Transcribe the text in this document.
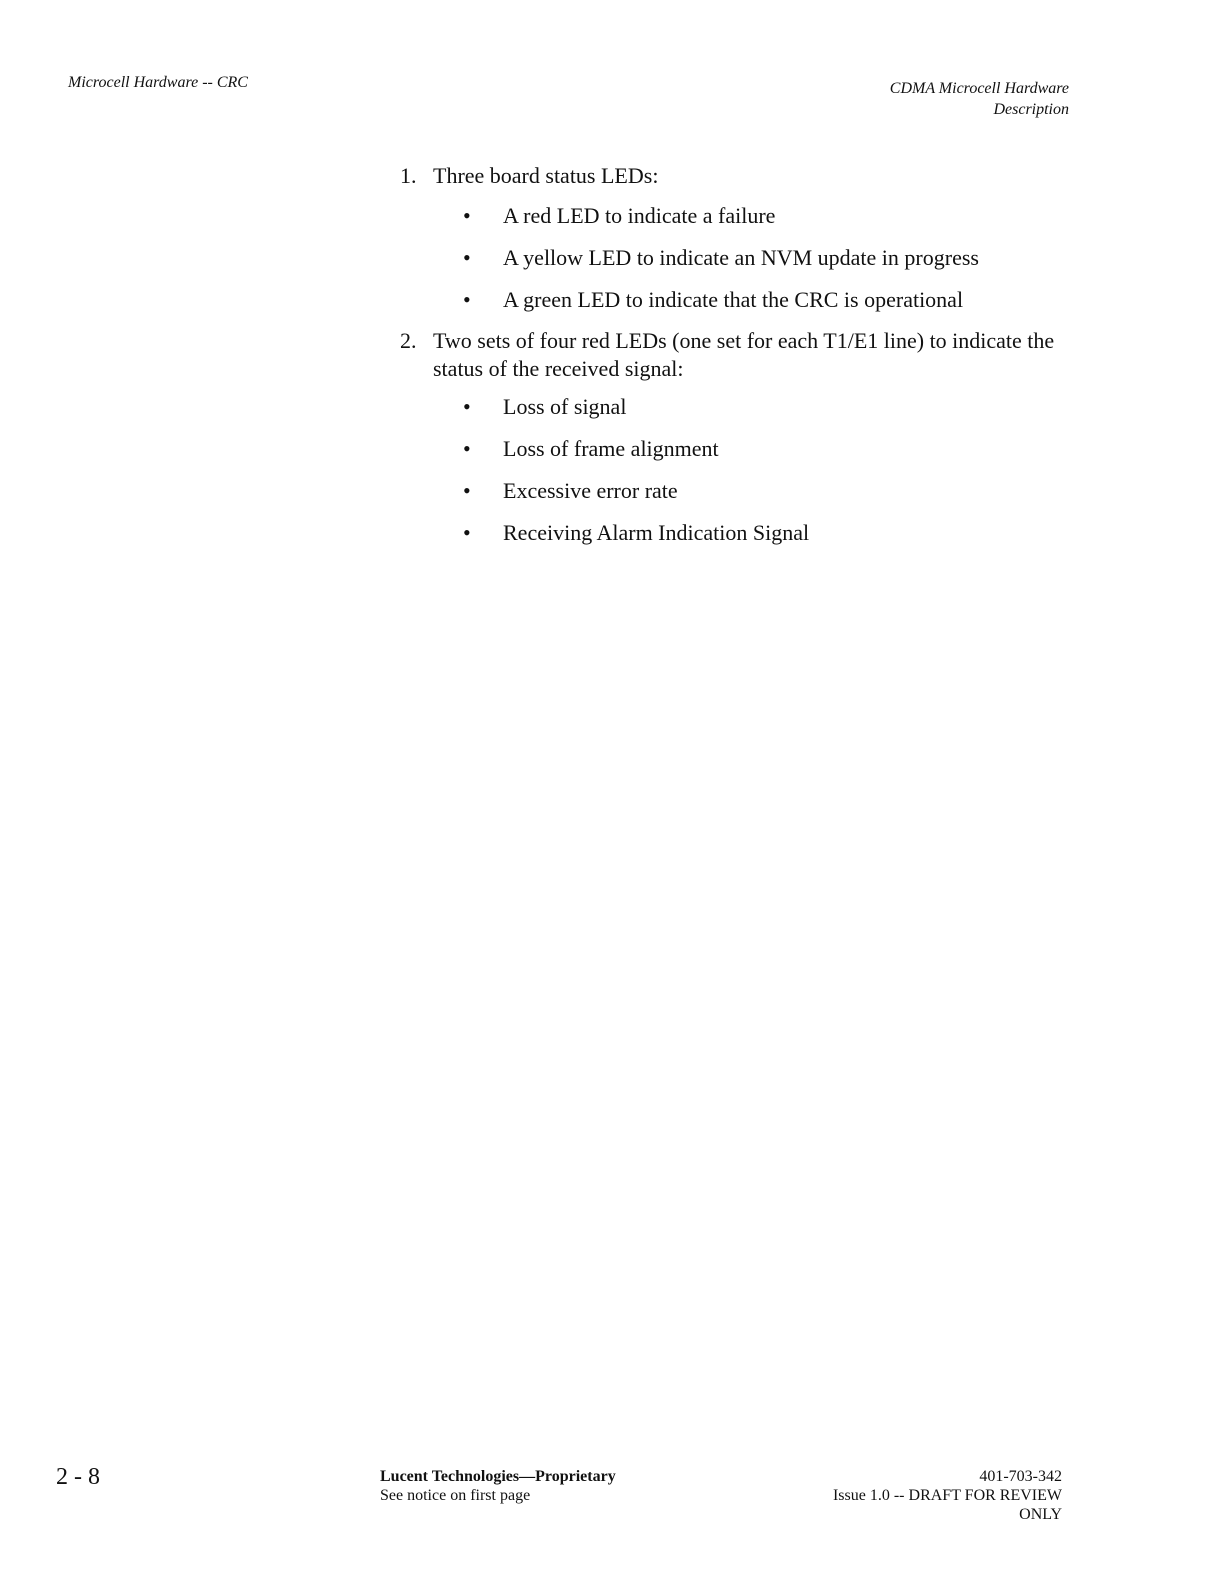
Microcell Hardware -- CRC	CDMA Microcell Hardware
Description
1. Three board status LEDs:
• A red LED to indicate a failure
• A yellow LED to indicate an NVM update in progress
• A green LED to indicate that the CRC is operational
2. Two sets of four red LEDs (one set for each T1/E1 line) to indicate the status of the received signal:
• Loss of signal
• Loss of frame alignment
• Excessive error rate
• Receiving Alarm Indication Signal
2 - 8	Lucent Technologies—Proprietary
See notice on first page
401-703-342
Issue 1.0 -- DRAFT FOR REVIEW
ONLY
